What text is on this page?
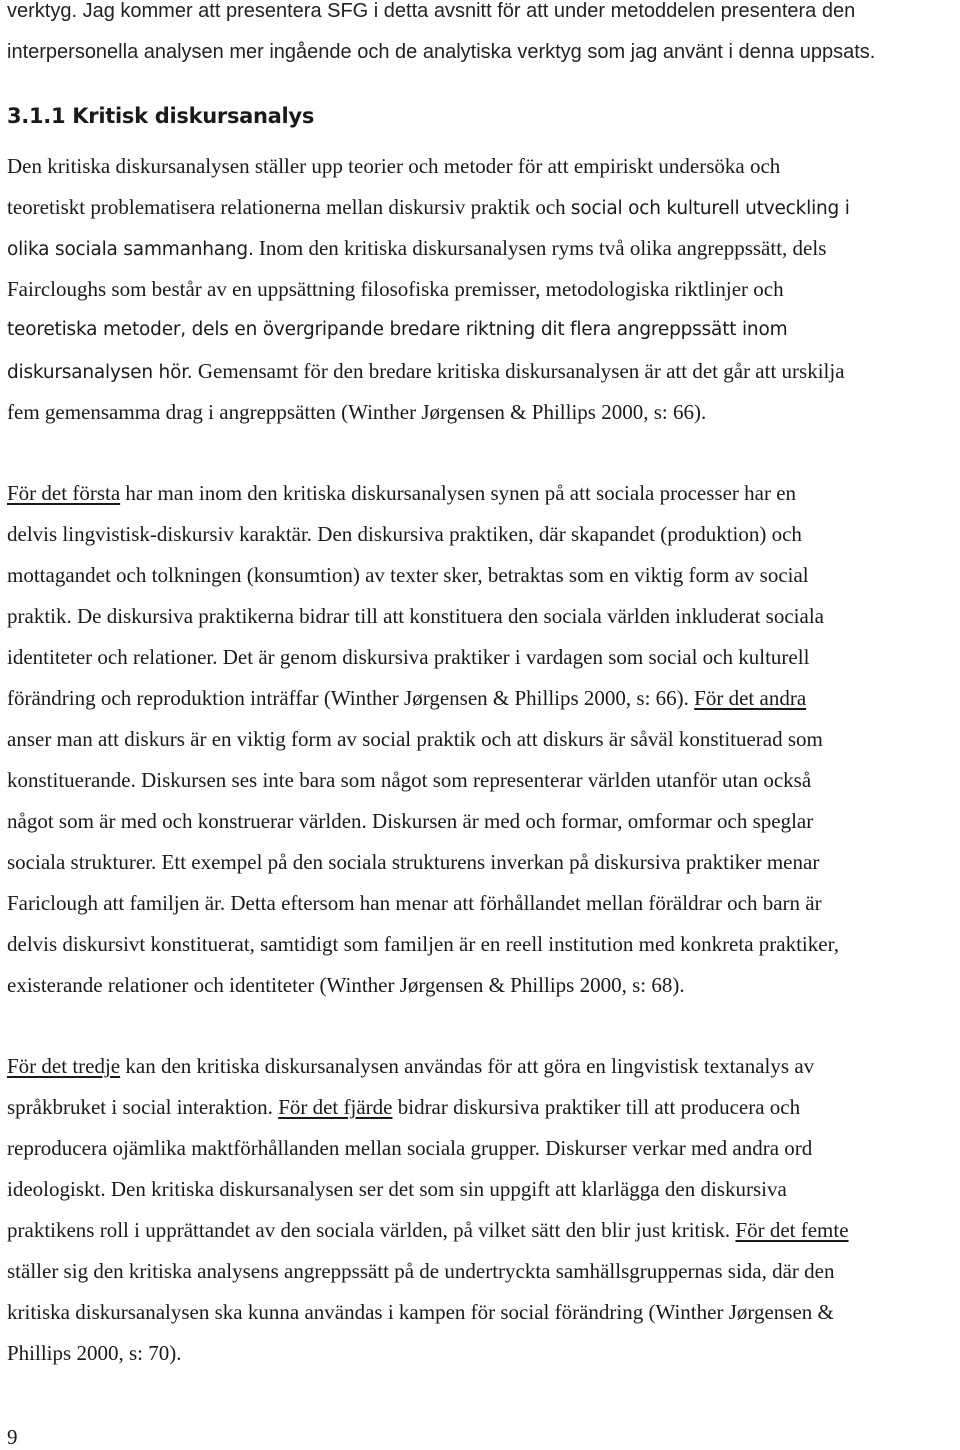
verktyg. Jag kommer att presentera SFG i detta avsnitt för att under metoddelen presentera den
interpersonella analysen mer ingående och de analytiska verktyg som jag använt i denna uppsats.
3.1.1 Kritisk diskursanalys
Den kritiska diskursanalysen ställer upp teorier och metoder för att empiriskt undersöka och
teoretiskt problematisera relationerna mellan diskursiv praktik och social och kulturell utveckling i
olika sociala sammanhang. Inom den kritiska diskursanalysen ryms två olika angreppssätt, dels
Faircloughs som består av en uppsättning filosofiska premisser, metodologiska riktlinjer och
teoretiska metoder, dels en övergripande bredare riktning dit flera angreppssätt inom
diskursanalysen hör. Gemensamt för den bredare kritiska diskursanalysen är att det går att urskilja
fem gemensamma drag i angreppsätten (Winther Jørgensen & Phillips 2000, s: 66).
För det första har man inom den kritiska diskursanalysen synen på att sociala processer har en
delvis lingvistisk-diskursiv karaktär. Den diskursiva praktiken, där skapandet (produktion) och
mottagandet och tolkningen (konsumtion) av texter sker, betraktas som en viktig form av social
praktik. De diskursiva praktikerna bidrar till att konstituera den sociala världen inkluderat sociala
identiteter och relationer. Det är genom diskursiva praktiker i vardagen som social och kulturell
förändring och reproduktion inträffar (Winther Jørgensen & Phillips 2000, s: 66). För det andra
anser man att diskurs är en viktig form av social praktik och att diskurs är såväl konstituerad som
konstituerande. Diskursen ses inte bara som något som representerar världen utanför utan också
något som är med och konstruerar världen. Diskursen är med och formar, omformar och speglar
sociala strukturer. Ett exempel på den sociala strukturens inverkan på diskursiva praktiker menar
Fariclough att familjen är. Detta eftersom han menar att förhållandet mellan föräldrar och barn är
delvis diskursivt konstituerat, samtidigt som familjen är en reell institution med konkreta praktiker,
existerande relationer och identiteter (Winther Jørgensen & Phillips 2000, s: 68).
För det tredje kan den kritiska diskursanalysen användas för att göra en lingvistisk textanalys av
språkbruket i social interaktion. För det fjärde bidrar diskursiva praktiker till att producera och
reproducera ojämlika maktförhållanden mellan sociala grupper. Diskurser verkar med andra ord
ideologiskt. Den kritiska diskursanalysen ser det som sin uppgift att klarlägga den diskursiva
praktikens roll i upprättandet av den sociala världen, på vilket sätt den blir just kritisk. För det femte
ställer sig den kritiska analysens angreppssätt på de undertryckta samhällsgruppernas sida, där den
kritiska diskursanalysen ska kunna användas i kampen för social förändring (Winther Jørgensen &
Phillips 2000, s: 70).
9
